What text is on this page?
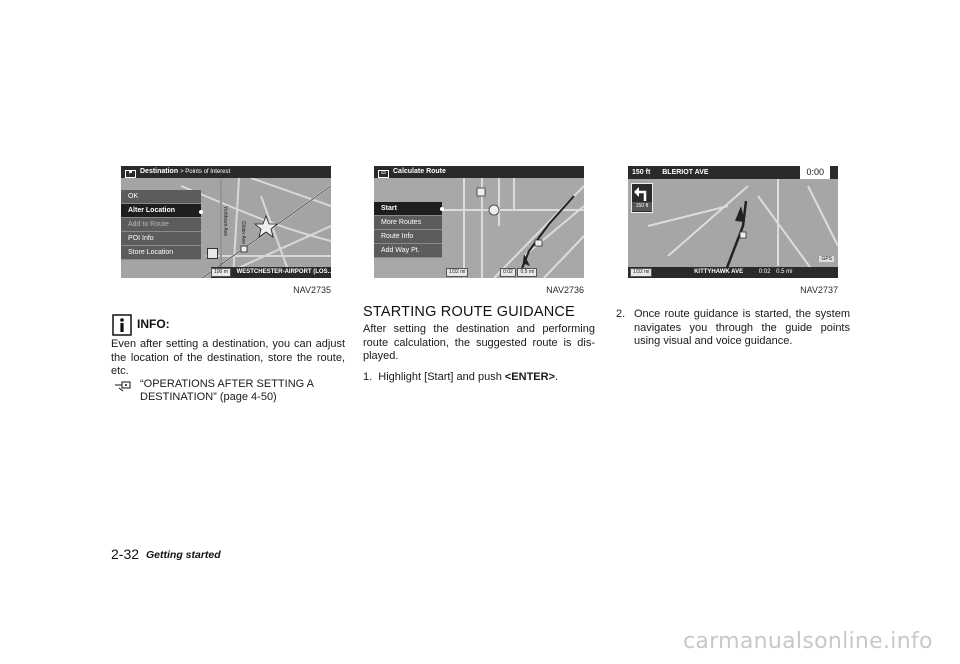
Yorktown Ave Glider Ave
⚑ Destination > Points of Interest
OK
Alter Location
Add to Route
POI Info
Store Location
100 m WESTCHESTER-AIRPORT (LOS..
NAV2735
▭ Calculate Route
Start
More Routes
Route Info
Add Way Pt.
1/32 mi	0:02 0.5 mi
NAV2736
150 ft BLERIOT AVE	0:00
150 ft
GPS
1/32 mi	KITTYHAWK AVE	0:02 0.5 mi
NAV2737
INFO:
Even after setting a destination, you can adjust the location of the destination, store the route, etc.
“OPERATIONS AFTER SETTING A
DESTINATION” (page 4-50)
STARTING ROUTE GUIDANCE
After setting the destination and performing route calculation, the suggested route is dis- played.
1.  Highlight [Start] and push <ENTER>.
2. Once route guidance is started, the system navigates you through the guide points using visual and voice guidance.
2-32 Getting started
carmanualsonline.info
